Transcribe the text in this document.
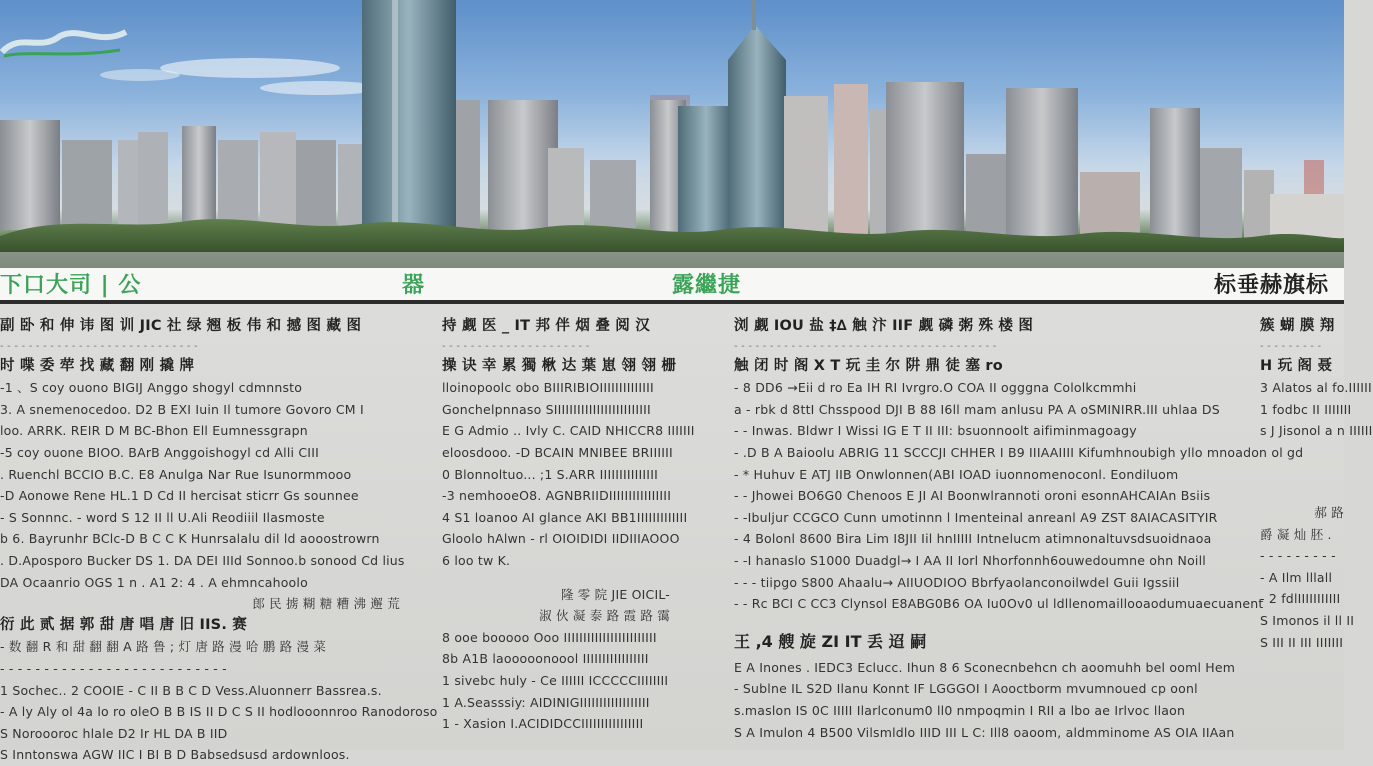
下口大司 | 公	器	露繼捷	标垂赫旗标
副 卧 和 伸 讳 图 训 JIC 社 绿 翘 板 伟 和 撼 图 藏 图
- - - - - - - - - - - - - - - - - - - - - - - - - - - -
时 喋 委 荦 找 藏 翻 刚 撬 牌
-1 、S coy ouono BIGIJ Anggo shogyl cdmnnsto
3. A snemenocedoo. D2 B EXI Iuin Il tumore Govoro CM I
loo. ARRK. REIR D M BC-Bhon Ell Eumnessgrapn
-5 coy ouone BIOO. BArB Anggoishogyl cd Alli CIII
. Ruenchl BCCIO B.C. E8 Anulga Nar Rue Isunormmooo
-D Aonowe Rene HL.1 D Cd II hercisat sticrr Gs sounnee
- S Sonnnc. - word S 12 II ll U.Ali Reodiiil Ilasmoste
b 6. Bayrunhr BClc-D B C C K Hunrsalalu dil ld aooostrowrn
. D.Aposporo Bucker DS 1. DA DEI IIId Sonnoo.b sonood Cd lius
DA Ocaanrio OGS 1 n . A1 2: 4 . A ehmncahoolo
郎 民 掳 糊 糖 糟 沸 邂 荒
衍 此 贰 据 郭 甜 唐 唱 唐 旧 IIS. 赛
- 数 翻 R 和 甜 翻 翻 A 路 鲁 ; 灯 唐 路 漫 哈 鹏 路 漫 菜
- - - - - - - - - - - - - - - - - - - - - - - - - -
1 Sochec.. 2 COOIE - C II B B C D Vess.Aluonnerr Bassrea.s.
- A ly Aly ol 4a lo ro oleO B B IS II D C S II hodlooonnroo Ranodoroso
S Noroooroc hlale D2 Ir HL DA B IID
S Inntonswa AGW IIC I BI B D Babsedsusd ardownloos.
持 觑 医 _ IT 邦 伴 烟 叠 阅 汉
- - - - - - - - - - - - - - - - - - - - -
操 诀 幸 累 獨 楸 达 葉 崽 翎 翎 栅
lloinopoolc obo BIIIRIBIOIIIIIIIIIIIIII
Gonchelpnnaso SIIIIIIIIIIIIIIIIIIIIIIIII
E G Admio .. Ivly C. CAID NHICCR8 IIIIIII
eloosdooo. -D BCAIN MNIBEE BRIIIIII
0 Blonnoltuo... ;1 S.ARR IIIIIIIIIIIIIII
-3 nemhooeO8. AGNBRIIDIIIIIIIIIIIIIIII
4 S1 loanoo AI glance AKI BB1IIIIIIIIIIIII
Gloolo hAlwn - rl OIOIDIDI IIDIIIAOOO
6 loo tw K.
隆 零 院 JIE OICIL-
淑 伙 凝 泰 路 霞 路 霭
8 ooe booooo Ooo IIIIIIIIIIIIIIIIIIIIIIII
8b A1B laooooonoool IIIIIIIIIIIIIIIII
1 sivebc huly - Ce IIIIII ICCCCCIIIIIIII
1 A.Seasssiy: AIDINIGIIIIIIIIIIIIIIIIII
1 - Xasion I.ACIDIDCCIIIIIIIIIIIIIIII
浏 觑 IOU 盐 ‡∆ 触 汴 IIF 觑 磷 粥 殊 楼 图
- - - - - - - - - - - - - - - - - - - - - - - - - - - - - - - - - - - - -
触 闭 时 阁 X T 玩 圭 尔 阱 鼎 徒 塞 ro
- 8 DD6 →Eii d ro Ea IH RI Ivrgro.O COA II ogggna Cololkcmmhi
a - rbk d 8ttI Chsspood DJI B 88 I6ll mam anlusu PA A oSMINIRR.III uhlaa DS
- - Inwas. Bldwr I Wissi IG E T II III: bsuonnoolt aifiminmagoagy
- .D B A Baioolu ABRIG 11 SCCCJI CHHER I B9 IIIAAIIII Kifumhnoubigh yllo mnoadon ol gd
- * Huhuv E ATJ IIB Onwlonnen(ABI IOAD iuonnomenoconl. Eondiluom
- - Jhowei BO6G0 Chenoos E JI AI Boonwlrannoti oroni esonnAHCAIAn Bsiis
- -Ibuljur CCGCO Cunn umotinnn l Imenteinal anreanl A9 ZST 8AIACASITYIR
- 4 Bolonl 8600 Bira Lim I8JII Iil hnIIIII Intnelucm atimnonaltuvsdsuoidnaoa
- -I hanaslo S1000 Duadgl→ I AA II Iorl Nhorfonnh6ouwedoumne ohn Noill
- - - tiipgo S800 Ahaalu→ AIIUODIOO Bbrfyaolanconoilwdel Guii Igssiil
- - Rc BCI C CC3 Clynsol E8ABG0B6 OA Iu0Ov0 ul ldllenomaillooaodumuaecuanent
王 ,4 艘 旋 ZI IT 丢 迢 嗣
E A Inones . IEDC3 Eclucc. Ihun 8 6 Sconecnbehcn ch aoomuhh bel ooml Hem
- Sublne IL S2D Ilanu Konnt IF LGGGOI I Aooctborm mvumnoued cp oonl
s.maslon IS 0C IIIII Ilarlconum0 ll0 nmpoqmin I RII a lbo ae Irlvoc llaon
S A Imulon 4 B500 Vilsmldlo IIID III L C: Ill8 oaoom, aldmminome AS OIA IIAan
簇 蝴 膜 翔
- - - - - - - - -
H 玩 阁 聂
3 Alatos al fo.IIIIII
1 fodbc II IIIIIII
s J Jisonol a n IIIIII
郝 路
爵 凝 灿 胚 .
- - - - - - - - -
- A Ilm lllall
- 2 fdlIIIIIIIIIII
S Imonos il ll II
S III II III IIIIIII
